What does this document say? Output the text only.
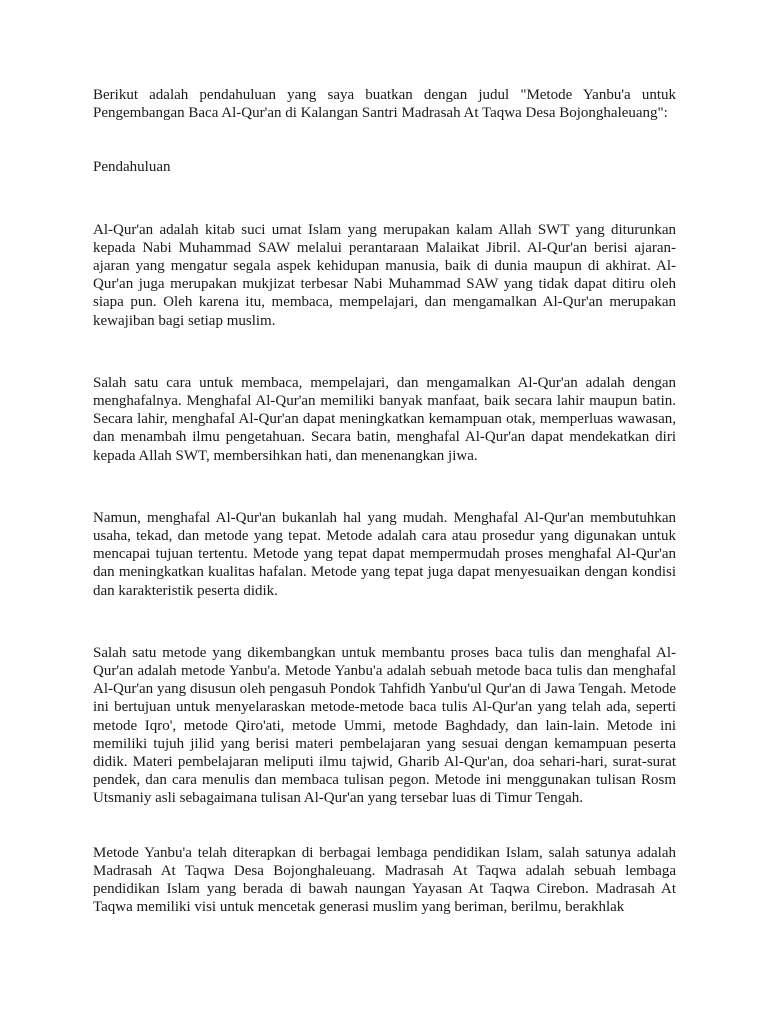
Berikut adalah pendahuluan yang saya buatkan dengan judul "Metode Yanbu'a untuk Pengembangan Baca Al-Qur'an di Kalangan Santri Madrasah At Taqwa Desa Bojonghaleuang":

Pendahuluan

Al-Qur'an adalah kitab suci umat Islam yang merupakan kalam Allah SWT yang diturunkan kepada Nabi Muhammad SAW melalui perantaraan Malaikat Jibril. Al-Qur'an berisi ajaran-ajaran yang mengatur segala aspek kehidupan manusia, baik di dunia maupun di akhirat. Al-Qur'an juga merupakan mukjizat terbesar Nabi Muhammad SAW yang tidak dapat ditiru oleh siapa pun. Oleh karena itu, membaca, mempelajari, dan mengamalkan Al-Qur'an merupakan kewajiban bagi setiap muslim.

Salah satu cara untuk membaca, mempelajari, dan mengamalkan Al-Qur'an adalah dengan menghafalnya. Menghafal Al-Qur'an memiliki banyak manfaat, baik secara lahir maupun batin. Secara lahir, menghafal Al-Qur'an dapat meningkatkan kemampuan otak, memperluas wawasan, dan menambah ilmu pengetahuan. Secara batin, menghafal Al-Qur'an dapat mendekatkan diri kepada Allah SWT, membersihkan hati, dan menenangkan jiwa.

Namun, menghafal Al-Qur'an bukanlah hal yang mudah. Menghafal Al-Qur'an membutuhkan usaha, tekad, dan metode yang tepat. Metode adalah cara atau prosedur yang digunakan untuk mencapai tujuan tertentu. Metode yang tepat dapat mempermudah proses menghafal Al-Qur'an dan meningkatkan kualitas hafalan. Metode yang tepat juga dapat menyesuaikan dengan kondisi dan karakteristik peserta didik.

Salah satu metode yang dikembangkan untuk membantu proses baca tulis dan menghafal Al-Qur'an adalah metode Yanbu'a. Metode Yanbu'a adalah sebuah metode baca tulis dan menghafal Al-Qur'an yang disusun oleh pengasuh Pondok Tahfidh Yanbu'ul Qur'an di Jawa Tengah. Metode ini bertujuan untuk menyelaraskan metode-metode baca tulis Al-Qur'an yang telah ada, seperti metode Iqro', metode Qiro'ati, metode Ummi, metode Baghdady, dan lain-lain. Metode ini memiliki tujuh jilid yang berisi materi pembelajaran yang sesuai dengan kemampuan peserta didik. Materi pembelajaran meliputi ilmu tajwid, Gharib Al-Qur'an, doa sehari-hari, surat-surat pendek, dan cara menulis dan membaca tulisan pegon. Metode ini menggunakan tulisan Rosm Utsmaniy asli sebagaimana tulisan Al-Qur'an yang tersebar luas di Timur Tengah.

Metode Yanbu'a telah diterapkan di berbagai lembaga pendidikan Islam, salah satunya adalah Madrasah At Taqwa Desa Bojonghaleuang. Madrasah At Taqwa adalah sebuah lembaga pendidikan Islam yang berada di bawah naungan Yayasan At Taqwa Cirebon. Madrasah At Taqwa memiliki visi untuk mencetak generasi muslim yang beriman, berilmu, berakhlak
